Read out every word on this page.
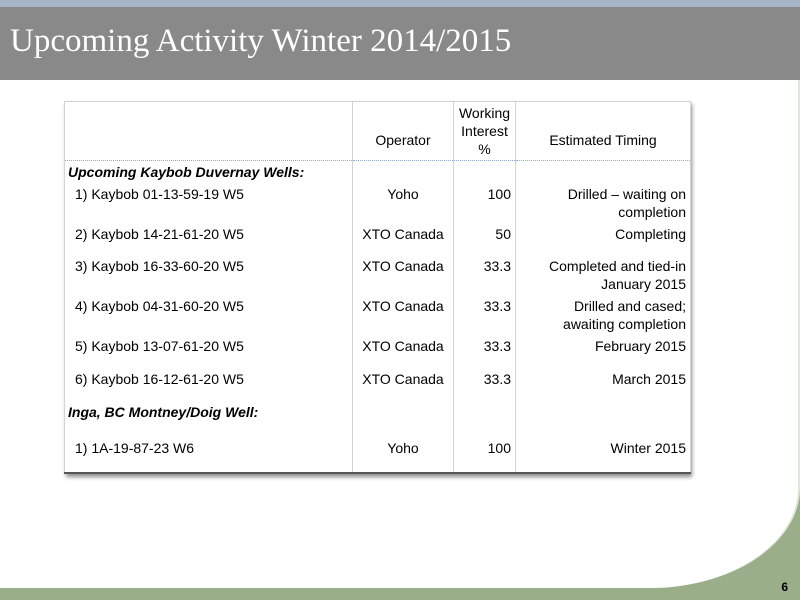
Upcoming Activity Winter 2014/2015
	Operator	Working Interest %	Estimated Timing
Upcoming Kaybob Duvernay Wells:			
1) Kaybob 01-13-59-19 W5	Yoho	100	Drilled – waiting on completion
2) Kaybob 14-21-61-20 W5	XTO Canada	50	Completing
3) Kaybob 16-33-60-20 W5	XTO Canada	33.3	Completed and tied-in January 2015
4) Kaybob 04-31-60-20 W5	XTO Canada	33.3	Drilled and cased; awaiting completion
5) Kaybob 13-07-61-20 W5	XTO Canada	33.3	February 2015
6) Kaybob 16-12-61-20 W5	XTO Canada	33.3	March 2015
Inga, BC Montney/Doig Well:			
1) 1A-19-87-23 W6	Yoho	100	Winter 2015
6
